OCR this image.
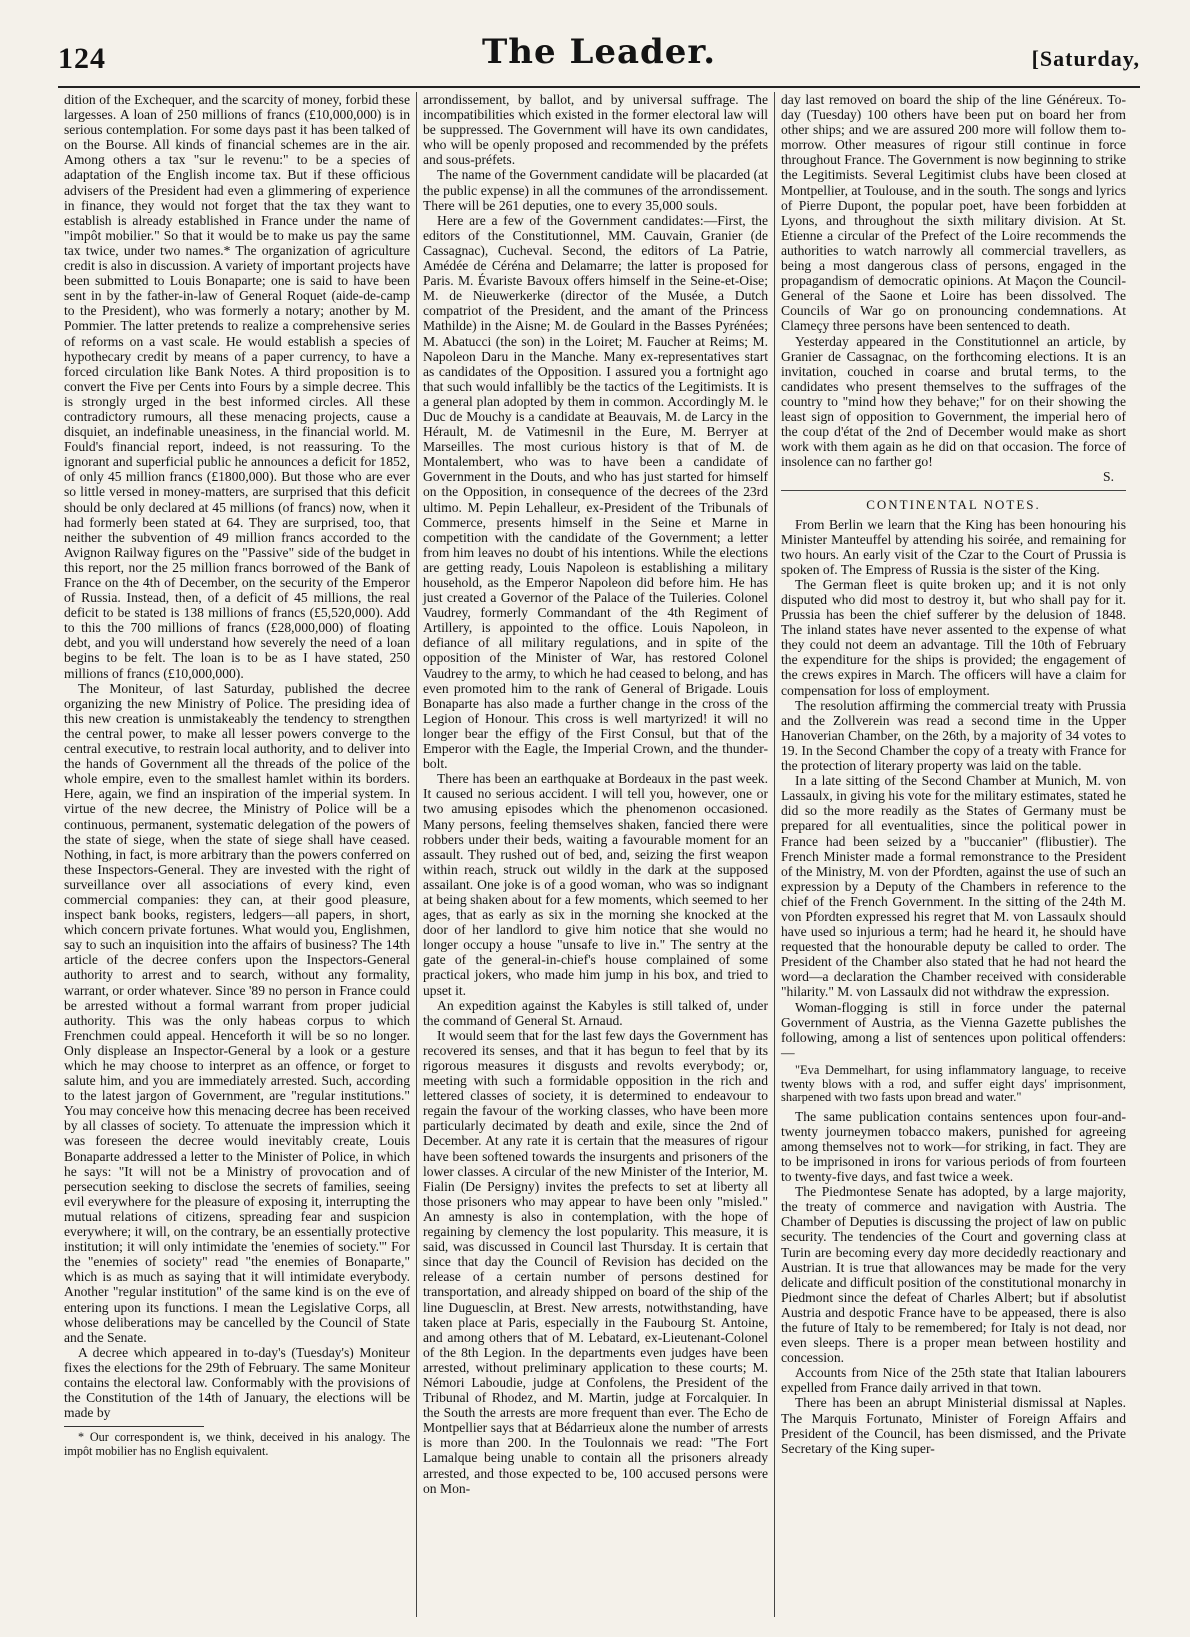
124	The Leader.	[Saturday,

dition of the Exchequer, and the scarcity of money, forbid these largesses. A loan of 250 millions of francs (£10,000,000) is in serious contemplation. For some days past it has been talked of on the Bourse. All kinds of financial schemes are in the air. Among others a tax "sur le revenu:" to be a species of adaptation of the English income tax. But if these officious advisers of the President had even a glimmering of experience in finance, they would not forget that the tax they want to establish is already established in France under the name of "impôt mobilier." So that it would be to make us pay the same tax twice, under two names.* The organization of agriculture credit is also in discussion. A variety of important projects have been submitted to Louis Bonaparte; one is said to have been sent in by the father-in-law of General Roquet (aide-de-camp to the President), who was formerly a notary; another by M. Pommier. The latter pretends to realize a comprehensive series of reforms on a vast scale. He would establish a species of hypothecary credit by means of a paper currency, to have a forced circulation like Bank Notes. A third proposition is to convert the Five per Cents into Fours by a simple decree. This is strongly urged in the best informed circles. All these contradictory rumours, all these menacing projects, cause a disquiet, an indefinable uneasiness, in the financial world. M. Fould's financial report, indeed, is not reassuring. To the ignorant and superficial public he announces a deficit for 1852, of only 45 million francs (£1800,000). But those who are ever so little versed in money-matters, are surprised that this deficit should be only declared at 45 millions (of francs) now, when it had formerly been stated at 64. They are surprised, too, that neither the subvention of 49 million francs accorded to the Avignon Railway figures on the "Passive" side of the budget in this report, nor the 25 million francs borrowed of the Bank of France on the 4th of December, on the security of the Emperor of Russia. Instead, then, of a deficit of 45 millions, the real deficit to be stated is 138 millions of francs (£5,520,000). Add to this the 700 millions of francs (£28,000,000) of floating debt, and you will understand how severely the need of a loan begins to be felt. The loan is to be as I have stated, 250 millions of francs (£10,000,000).

The Moniteur, of last Saturday, published the decree organizing the new Ministry of Police. The presiding idea of this new creation is unmistakeably the tendency to strengthen the central power, to make all lesser powers converge to the central executive, to restrain local authority, and to deliver into the hands of Government all the threads of the police of the whole empire, even to the smallest hamlet within its borders. Here, again, we find an inspiration of the imperial system. In virtue of the new decree, the Ministry of Police will be a continuous, permanent, systematic delegation of the powers of the state of siege, when the state of siege shall have ceased. Nothing, in fact, is more arbitrary than the powers conferred on these Inspectors-General. They are invested with the right of surveillance over all associations of every kind, even commercial companies: they can, at their good pleasure, inspect bank books, registers, ledgers—all papers, in short, which concern private fortunes. What would you, Englishmen, say to such an inquisition into the affairs of business? The 14th article of the decree confers upon the Inspectors-General authority to arrest and to search, without any formality, warrant, or order whatever. Since '89 no person in France could be arrested without a formal warrant from proper judicial authority. This was the only habeas corpus to which Frenchmen could appeal. Henceforth it will be so no longer. Only displease an Inspector-General by a look or a gesture which he may choose to interpret as an offence, or forget to salute him, and you are immediately arrested. Such, according to the latest jargon of Government, are "regular institutions." You may conceive how this menacing decree has been received by all classes of society. To attenuate the impression which it was foreseen the decree would inevitably create, Louis Bonaparte addressed a letter to the Minister of Police, in which he says: "It will not be a Ministry of provocation and of persecution seeking to disclose the secrets of families, seeing evil everywhere for the pleasure of exposing it, interrupting the mutual relations of citizens, spreading fear and suspicion everywhere; it will, on the contrary, be an essentially protective institution; it will only intimidate the 'enemies of society.'" For the "enemies of society" read "the enemies of Bonaparte," which is as much as saying that it will intimidate everybody. Another "regular institution" of the same kind is on the eve of entering upon its functions. I mean the Legislative Corps, all whose deliberations may be cancelled by the Council of State and the Senate.

A decree which appeared in to-day's (Tuesday's) Moniteur fixes the elections for the 29th of February. The same Moniteur contains the electoral law. Conformably with the provisions of the Constitution of the 14th of January, the elections will be made by

* Our correspondent is, we think, deceived in his analogy. The impôt mobilier has no English equivalent.

arrondissement, by ballot, and by universal suffrage. The incompatibilities which existed in the former electoral law will be suppressed. The Government will have its own candidates, who will be openly proposed and recommended by the préfets and sous-préfets.

The name of the Government candidate will be placarded (at the public expense) in all the communes of the arrondissement. There will be 261 deputies, one to every 35,000 souls.

Here are a few of the Government candidates:—First, the editors of the Constitutionnel, MM. Cauvain, Granier (de Cassagnac), Cucheval. Second, the editors of La Patrie, Amédée de Céréna and Delamarre; the latter is proposed for Paris. M. Évariste Bavoux offers himself in the Seine-et-Oise; M. de Nieuwerkerke (director of the Musée, a Dutch compatriot of the President, and the amant of the Princess Mathilde) in the Aisne; M. de Goulard in the Basses Pyrénées; M. Abatucci (the son) in the Loiret; M. Faucher at Reims; M. Napoleon Daru in the Manche. Many ex-representatives start as candidates of the Opposition. I assured you a fortnight ago that such would infallibly be the tactics of the Legitimists. It is a general plan adopted by them in common. Accordingly M. le Duc de Mouchy is a candidate at Beauvais, M. de Larcy in the Hérault, M. de Vatimesnil in the Eure, M. Berryer at Marseilles. The most curious history is that of M. de Montalembert, who was to have been a candidate of Government in the Douts, and who has just started for himself on the Opposition, in consequence of the decrees of the 23rd ultimo. M. Pepin Lehalleur, ex-President of the Tribunals of Commerce, presents himself in the Seine et Marne in competition with the candidate of the Government; a letter from him leaves no doubt of his intentions. While the elections are getting ready, Louis Napoleon is establishing a military household, as the Emperor Napoleon did before him. He has just created a Governor of the Palace of the Tuileries. Colonel Vaudrey, formerly Commandant of the 4th Regiment of Artillery, is appointed to the office. Louis Napoleon, in defiance of all military regulations, and in spite of the opposition of the Minister of War, has restored Colonel Vaudrey to the army, to which he had ceased to belong, and has even promoted him to the rank of General of Brigade. Louis Bonaparte has also made a further change in the cross of the Legion of Honour. This cross is well martyrized! it will no longer bear the effigy of the First Consul, but that of the Emperor with the Eagle, the Imperial Crown, and the thunder-bolt.

There has been an earthquake at Bordeaux in the past week. It caused no serious accident. I will tell you, however, one or two amusing episodes which the phenomenon occasioned. Many persons, feeling themselves shaken, fancied there were robbers under their beds, waiting a favourable moment for an assault. They rushed out of bed, and, seizing the first weapon within reach, struck out wildly in the dark at the supposed assailant. One joke is of a good woman, who was so indignant at being shaken about for a few moments, which seemed to her ages, that as early as six in the morning she knocked at the door of her landlord to give him notice that she would no longer occupy a house "unsafe to live in." The sentry at the gate of the general-in-chief's house complained of some practical jokers, who made him jump in his box, and tried to upset it.

An expedition against the Kabyles is still talked of, under the command of General St. Arnaud.

It would seem that for the last few days the Government has recovered its senses, and that it has begun to feel that by its rigorous measures it disgusts and revolts everybody; or, meeting with such a formidable opposition in the rich and lettered classes of society, it is determined to endeavour to regain the favour of the working classes, who have been more particularly decimated by death and exile, since the 2nd of December. At any rate it is certain that the measures of rigour have been softened towards the insurgents and prisoners of the lower classes. A circular of the new Minister of the Interior, M. Fialin (De Persigny) invites the prefects to set at liberty all those prisoners who may appear to have been only "misled." An amnesty is also in contemplation, with the hope of regaining by clemency the lost popularity. This measure, it is said, was discussed in Council last Thursday. It is certain that since that day the Council of Revision has decided on the release of a certain number of persons destined for transportation, and already shipped on board of the ship of the line Duguesclin, at Brest. New arrests, notwithstanding, have taken place at Paris, especially in the Faubourg St. Antoine, and among others that of M. Lebatard, ex-Lieutenant-Colonel of the 8th Legion. In the departments even judges have been arrested, without preliminary application to these courts; M. Némori Laboudie, judge at Confolens, the President of the Tribunal of Rhodez, and M. Martin, judge at Forcalquier. In the South the arrests are more frequent than ever. The Echo de Montpellier says that at Bédarrieux alone the number of arrests is more than 200. In the Toulonnais we read: "The Fort Lamalque being unable to contain all the prisoners already arrested, and those expected to be, 100 accused persons were on Mon-

day last removed on board the ship of the line Généreux. To-day (Tuesday) 100 others have been put on board her from other ships; and we are assured 200 more will follow them to-morrow. Other measures of rigour still continue in force throughout France. The Government is now beginning to strike the Legitimists. Several Legitimist clubs have been closed at Montpellier, at Toulouse, and in the south. The songs and lyrics of Pierre Dupont, the popular poet, have been forbidden at Lyons, and throughout the sixth military division. At St. Etienne a circular of the Prefect of the Loire recommends the authorities to watch narrowly all commercial travellers, as being a most dangerous class of persons, engaged in the propagandism of democratic opinions. At Maçon the Council-General of the Saone et Loire has been dissolved. The Councils of War go on pronouncing condemnations. At Clameçy three persons have been sentenced to death.

Yesterday appeared in the Constitutionnel an article, by Granier de Cassagnac, on the forthcoming elections. It is an invitation, couched in coarse and brutal terms, to the candidates who present themselves to the suffrages of the country to "mind how they behave;" for on their showing the least sign of opposition to Government, the imperial hero of the coup d'état of the 2nd of December would make as short work with them again as he did on that occasion. The force of insolence can no farther go!

S.
CONTINENTAL NOTES.

From Berlin we learn that the King has been honouring his Minister Manteuffel by attending his soirée, and remaining for two hours. An early visit of the Czar to the Court of Prussia is spoken of. The Empress of Russia is the sister of the King.

The German fleet is quite broken up; and it is not only disputed who did most to destroy it, but who shall pay for it. Prussia has been the chief sufferer by the delusion of 1848. The inland states have never assented to the expense of what they could not deem an advantage. Till the 10th of February the expenditure for the ships is provided; the engagement of the crews expires in March. The officers will have a claim for compensation for loss of employment.

The resolution affirming the commercial treaty with Prussia and the Zollverein was read a second time in the Upper Hanoverian Chamber, on the 26th, by a majority of 34 votes to 19. In the Second Chamber the copy of a treaty with France for the protection of literary property was laid on the table.

In a late sitting of the Second Chamber at Munich, M. von Lassaulx, in giving his vote for the military estimates, stated he did so the more readily as the States of Germany must be prepared for all eventualities, since the political power in France had been seized by a "buccanier" (flibustier). The French Minister made a formal remonstrance to the President of the Ministry, M. von der Pfordten, against the use of such an expression by a Deputy of the Chambers in reference to the chief of the French Government. In the sitting of the 24th M. von Pfordten expressed his regret that M. von Lassaulx should have used so injurious a term; had he heard it, he should have requested that the honourable deputy be called to order. The President of the Chamber also stated that he had not heard the word—a declaration the Chamber received with considerable "hilarity." M. von Lassaulx did not withdraw the expression.

Woman-flogging is still in force under the paternal Government of Austria, as the Vienna Gazette publishes the following, among a list of sentences upon political offenders:—

"Eva Demmelhart, for using inflammatory language, to receive twenty blows with a rod, and suffer eight days' imprisonment, sharpened with two fasts upon bread and water."

The same publication contains sentences upon four-and-twenty journeymen tobacco makers, punished for agreeing among themselves not to work—for striking, in fact. They are to be imprisoned in irons for various periods of from fourteen to twenty-five days, and fast twice a week.

The Piedmontese Senate has adopted, by a large majority, the treaty of commerce and navigation with Austria. The Chamber of Deputies is discussing the project of law on public security. The tendencies of the Court and governing class at Turin are becoming every day more decidedly reactionary and Austrian. It is true that allowances may be made for the very delicate and difficult position of the constitutional monarchy in Piedmont since the defeat of Charles Albert; but if absolutist Austria and despotic France have to be appeased, there is also the future of Italy to be remembered; for Italy is not dead, nor even sleeps. There is a proper mean between hostility and concession.

Accounts from Nice of the 25th state that Italian labourers expelled from France daily arrived in that town.

There has been an abrupt Ministerial dismissal at Naples. The Marquis Fortunato, Minister of Foreign Affairs and President of the Council, has been dismissed, and the Private Secretary of the King super-
